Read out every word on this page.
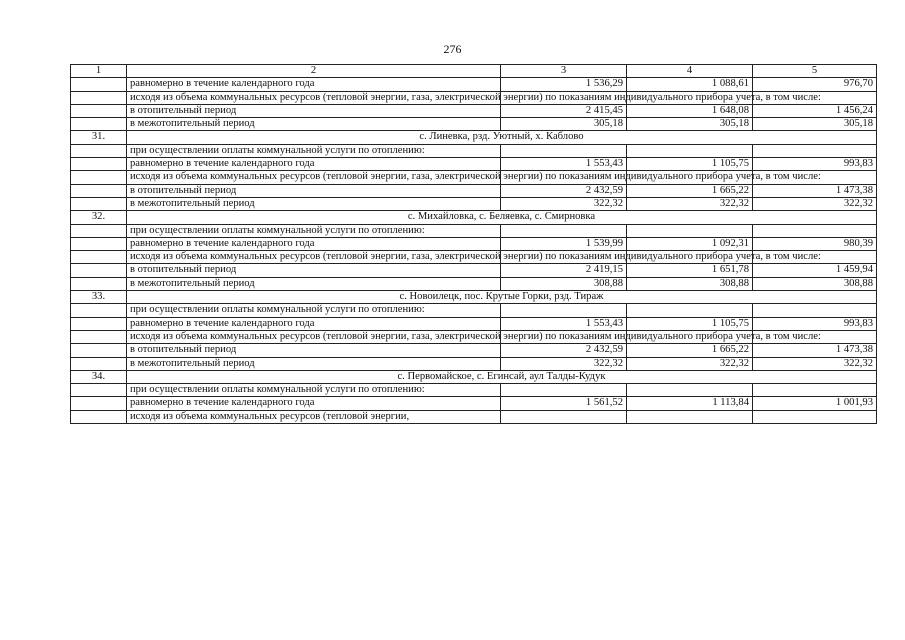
276
1	2	3	4	5
	равномерно в течение календарного года	1 536,29	1 088,61	976,70
	исходя из объема коммунальных ресурсов (тепловой энергии, газа, электрической энергии) по показаниям индивидуального прибора учета, в том числе:			
	в отопительный период	2 415,45	1 648,08	1 456,24
	в межотопительный период	305,18	305,18	305,18
31.	с. Линевка, рзд. Уютный, х. Каблово			
	при осуществлении оплаты коммунальной услуги по отоплению:			
	равномерно в течение календарного года	1 553,43	1 105,75	993,83
	исходя из объема коммунальных ресурсов (тепловой энергии, газа, электрической энергии) по показаниям индивидуального прибора учета, в том числе:			
	в отопительный период	2 432,59	1 665,22	1 473,38
	в межотопительный период	322,32	322,32	322,32
32.	с. Михайловка, с. Беляевка, с. Смирновка			
	при осуществлении оплаты коммунальной услуги по отоплению:			
	равномерно в течение календарного года	1 539,99	1 092,31	980,39
	исходя из объема коммунальных ресурсов (тепловой энергии, газа, электрической энергии) по показаниям индивидуального прибора учета, в том числе:			
	в отопительный период	2 419,15	1 651,78	1 459,94
	в межотопительный период	308,88	308,88	308,88
33.	с. Новоилецк, пос. Крутые Горки, рзд. Тираж			
	при осуществлении оплаты коммунальной услуги по отоплению:			
	равномерно в течение календарного года	1 553,43	1 105,75	993,83
	исходя из объема коммунальных ресурсов (тепловой энергии, газа, электрической энергии) по показаниям индивидуального прибора учета, в том числе:			
	в отопительный период	2 432,59	1 665,22	1 473,38
	в межотопительный период	322,32	322,32	322,32
34.	с. Первомайское, с. Егинсай, аул Талды-Кудук			
	при осуществлении оплаты коммунальной услуги по отоплению:			
	равномерно в течение календарного года	1 561,52	1 113,84	1 001,93
	исходя из объема коммунальных ресурсов (тепловой энергии,			
